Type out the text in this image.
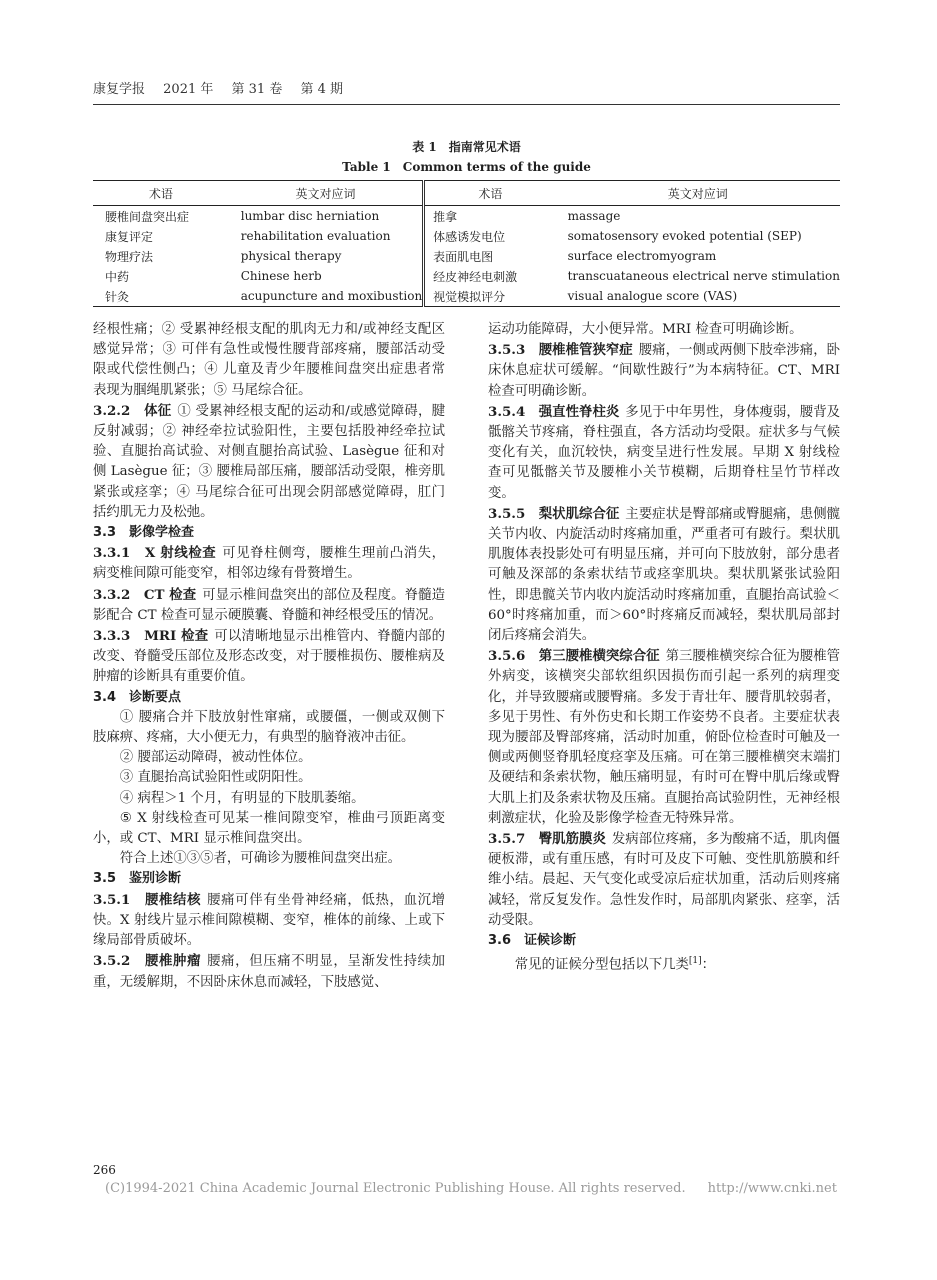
康复学报 2021 年 第 31 卷 第 4 期
表 1　指南常见术语
Table 1　Common terms of the guide
术语	英文对应词	术语	英文对应词
腰椎间盘突出症	lumbar disc herniation	推拿	massage
康复评定	rehabilitation evaluation	体感诱发电位	somatosensory evoked potential (SEP)
物理疗法	physical therapy	表面肌电图	surface electromyogram
中药	Chinese herb	经皮神经电刺激	transcuataneous electrical nerve stimulation
针灸	acupuncture and moxibustion	视觉模拟评分	visual analogue score (VAS)

经根性痛；② 受累神经根支配的肌肉无力和/或神经支配区感觉异常；③ 可伴有急性或慢性腰背部疼痛，腰部活动受限或代偿性侧凸；④ 儿童及青少年腰椎间盘突出症患者常表现为腘绳肌紧张；⑤ 马尾综合征。

3.2.2　 体征 ① 受累神经根支配的运动和/或感觉障碍，腱反射减弱；② 神经牵拉试验阳性，主要包括股神经牵拉试验、直腿抬高试验、对侧直腿抬高试验、Lasègue 征和对侧 Lasègue 征；③ 腰椎局部压痛，腰部活动受限，椎旁肌紧张或痉挛；④ 马尾综合征可出现会阴部感觉障碍，肛门括约肌无力及松弛。

3.3　影像学检查

3.3.1　 X 射线检查 可见脊柱侧弯，腰椎生理前凸消失，病变椎间隙可能变窄，相邻边缘有骨赘增生。

3.3.2　 CT 检查 可显示椎间盘突出的部位及程度。脊髓造影配合 CT 检查可显示硬膜囊、脊髓和神经根受压的情况。

3.3.3　 MRI 检查 可以清晰地显示出椎管内、脊髓内部的改变、脊髓受压部位及形态改变，对于腰椎损伤、腰椎病及肿瘤的诊断具有重要价值。

3.4　诊断要点

① 腰痛合并下肢放射性窜痛，或腰僵，一侧或双侧下肢麻痹、疼痛，大小便无力，有典型的脑脊液冲击征。

② 腰部运动障碍，被动性体位。

③ 直腿抬高试验阳性或阴阳性。

④ 病程＞1 个月，有明显的下肢肌萎缩。

⑤ X 射线检查可见某一椎间隙变窄，椎曲弓顶距离变小，或 CT、MRI 显示椎间盘突出。

符合上述①③⑤者，可确诊为腰椎间盘突出症。

3.5　鉴别诊断

3.5.1　 腰椎结核 腰痛可伴有坐骨神经痛，低热，血沉增快。X 射线片显示椎间隙模糊、变窄，椎体的前缘、上或下缘局部骨质破坏。

3.5.2　 腰椎肿瘤 腰痛，但压痛不明显，呈渐发性持续加重，无缓解期，不因卧床休息而减轻，下肢感觉、

运动功能障碍，大小便异常。MRI 检查可明确诊断。

3.5.3　 腰椎椎管狭窄症 腰痛，一侧或两侧下肢牵涉痛，卧床休息症状可缓解。“间歇性跛行”为本病特征。CT、MRI 检查可明确诊断。

3.5.4　 强直性脊柱炎 多见于中年男性，身体瘦弱，腰背及骶髂关节疼痛，脊柱强直，各方活动均受限。症状多与气候变化有关，血沉较快，病变呈进行性发展。早期 X 射线检查可见骶髂关节及腰椎小关节模糊，后期脊柱呈竹节样改变。

3.5.5　 梨状肌综合征 主要症状是臀部痛或臀腿痛，患侧髋关节内收、内旋活动时疼痛加重，严重者可有跛行。梨状肌肌腹体表投影处可有明显压痛，并可向下肢放射，部分患者可触及深部的条索状结节或痉挛肌块。梨状肌紧张试验阳性，即患髋关节内收内旋活动时疼痛加重，直腿抬高试验＜60°时疼痛加重，而＞60°时疼痛反而减轻，梨状肌局部封闭后疼痛会消失。

3.5.6　 第三腰椎横突综合征 第三腰椎横突综合征为腰椎管外病变，该横突尖部软组织因损伤而引起一系列的病理变化，并导致腰痛或腰臀痛。多发于青壮年、腰背肌较弱者，多见于男性、有外伤史和长期工作姿势不良者。主要症状表现为腰部及臀部疼痛，活动时加重，俯卧位检查时可触及一侧或两侧竖脊肌轻度痉挛及压痛。可在第三腰椎横突末端扪及硬结和条索状物，触压痛明显，有时可在臀中肌后缘或臀大肌上扪及条索状物及压痛。直腿抬高试验阴性，无神经根刺激症状，化验及影像学检查无特殊异常。

3.5.7　 臀肌筋膜炎 发病部位疼痛，多为酸痛不适，肌肉僵硬板滞，或有重压感，有时可及皮下可触、变性肌筋膜和纤维小结。晨起、天气变化或受凉后症状加重，活动后则疼痛减轻，常反复发作。急性发作时，局部肌肉紧张、痉挛，活动受限。

3.6　证候诊断

常见的证候分型包括以下几类[1]：

266
(C)1994-2021 China Academic Journal Electronic Publishing House. All rights reserved. http://www.cnki.net
